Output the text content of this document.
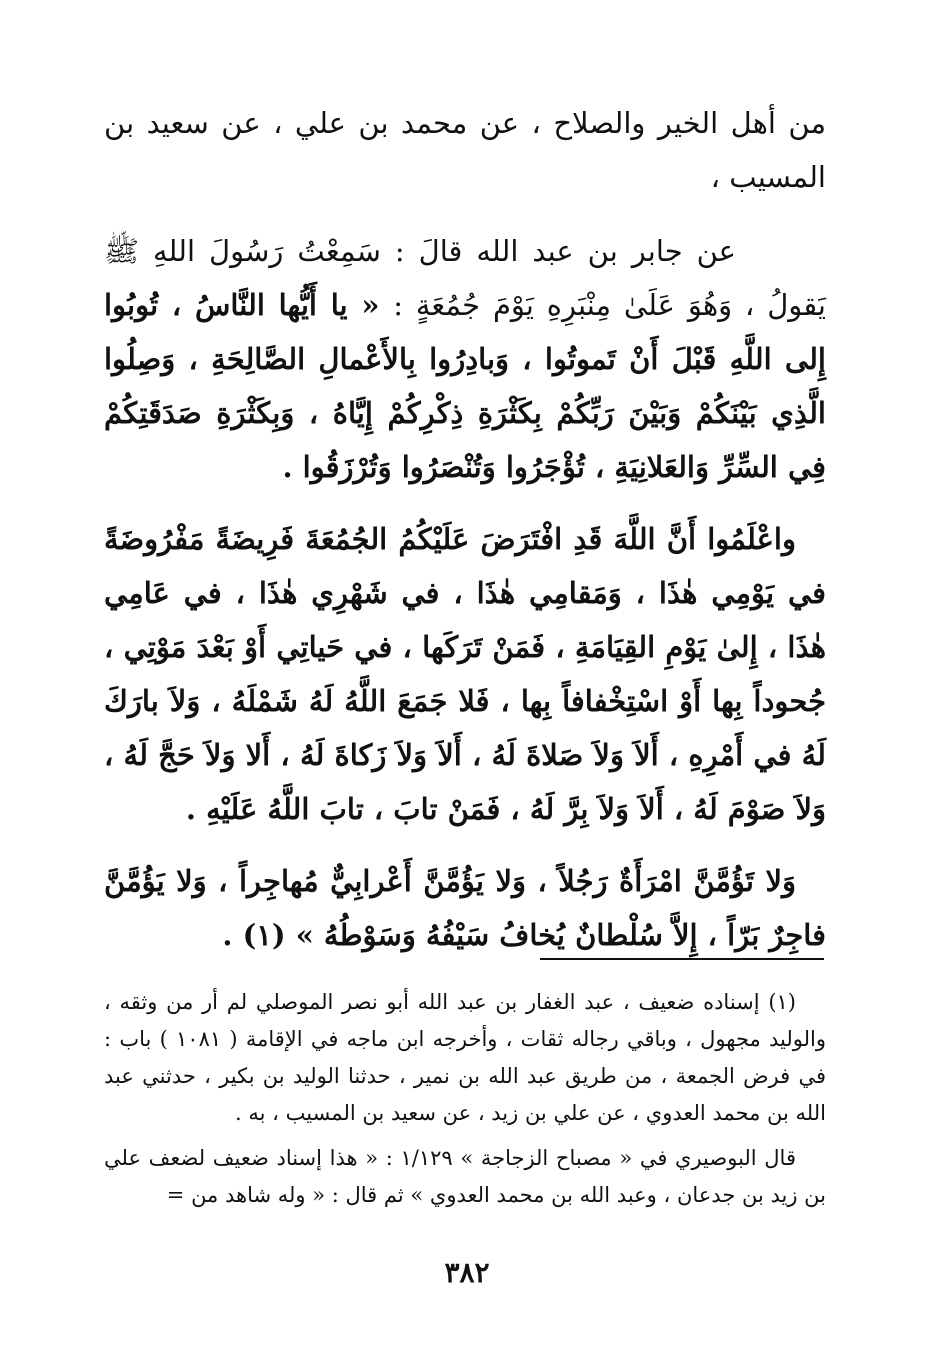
من أهل الخير والصلاح ، عن محمد بن علي ، عن سعيد بن المسيب ،

عن جابر بن عبد الله قالَ : سَمِعْتُ رَسُولَ اللهِ ﷺ يَقولُ ، وَهُوَ عَلَىٰ مِنْبَرِهِ يَوْمَ جُمُعَةٍ : « يا أَيُّها النَّاسُ ، تُوبُوا إِلى اللَّهِ قَبْلَ أَنْ تَموتُوا ، وَبادِرُوا بِالأَعْمالِ الصَّالِحَةِ ، وَصِلُوا الَّذِي بَيْنَكُمْ وَبَيْنَ رَبِّكُمْ بِكَثْرَةِ ذِكْرِكُمْ إِيَّاهُ ، وَبِكَثْرَةِ صَدَقَتِكُمْ فِي السِّرِّ وَالعَلانِيَةِ ، تُؤْجَرُوا وَتُنْصَرُوا وَتُرْزَقُوا .

واعْلَمُوا أَنَّ اللَّهَ قَدِ افْتَرَضَ عَلَيْكُمُ الجُمُعَةَ فَرِيضَةً مَفْرُوضَةً في يَوْمِي هٰذَا ، وَمَقامِي هٰذَا ، في شَهْرِي هٰذَا ، في عَامِي هٰذَا ، إِلىٰ يَوْمِ القِيَامَةِ ، فَمَنْ تَرَكَها ، في حَياتِي أَوْ بَعْدَ مَوْتِي ، جُحوداً بِها أَوْ اسْتِخْفافاً بِها ، فَلا جَمَعَ اللَّهُ لَهُ شَمْلَهُ ، وَلاَ بارَكَ لَهُ في أَمْرِهِ ، أَلاَ وَلاَ صَلاةَ لَهُ ، أَلاَ وَلاَ زَكاةَ لَهُ ، أَلا وَلاَ حَجَّ لَهُ ، وَلاَ صَوْمَ لَهُ ، أَلاَ وَلاَ بِرَّ لَهُ ، فَمَنْ تابَ ، تابَ اللَّهُ عَلَيْهِ .

وَلا تَؤُمَّنَّ امْرَأَةٌ رَجُلاً ، وَلا يَؤُمَّنَّ أَعْرابِيٌّ مُهاجِراً ، وَلا يَؤُمَّنَّ فاجِرٌ بَرّاً ، إِلاَّ سُلْطانٌ يُخافُ سَيْفُهُ وَسَوْطُهُ » (١) .

(١) إسناده ضعيف ، عبد الغفار بن عبد الله أبو نصر الموصلي لم أر من وثقه ، والوليد مجهول ، وباقي رجاله ثقات ، وأخرجه ابن ماجه في الإقامة ( ١٠٨١ ) باب : في فرض الجمعة ، من طريق عبد الله بن نمير ، حدثنا الوليد بن بكير ، حدثني عبد الله بن محمد العدوي ، عن علي بن زيد ، عن سعيد بن المسيب ، به .

قال البوصيري في « مصباح الزجاجة » ١/١٢٩ : « هذا إسناد ضعيف لضعف علي بن زيد بن جدعان ، وعبد الله بن محمد العدوي » ثم قال : « وله شاهد من =

٣٨٢
